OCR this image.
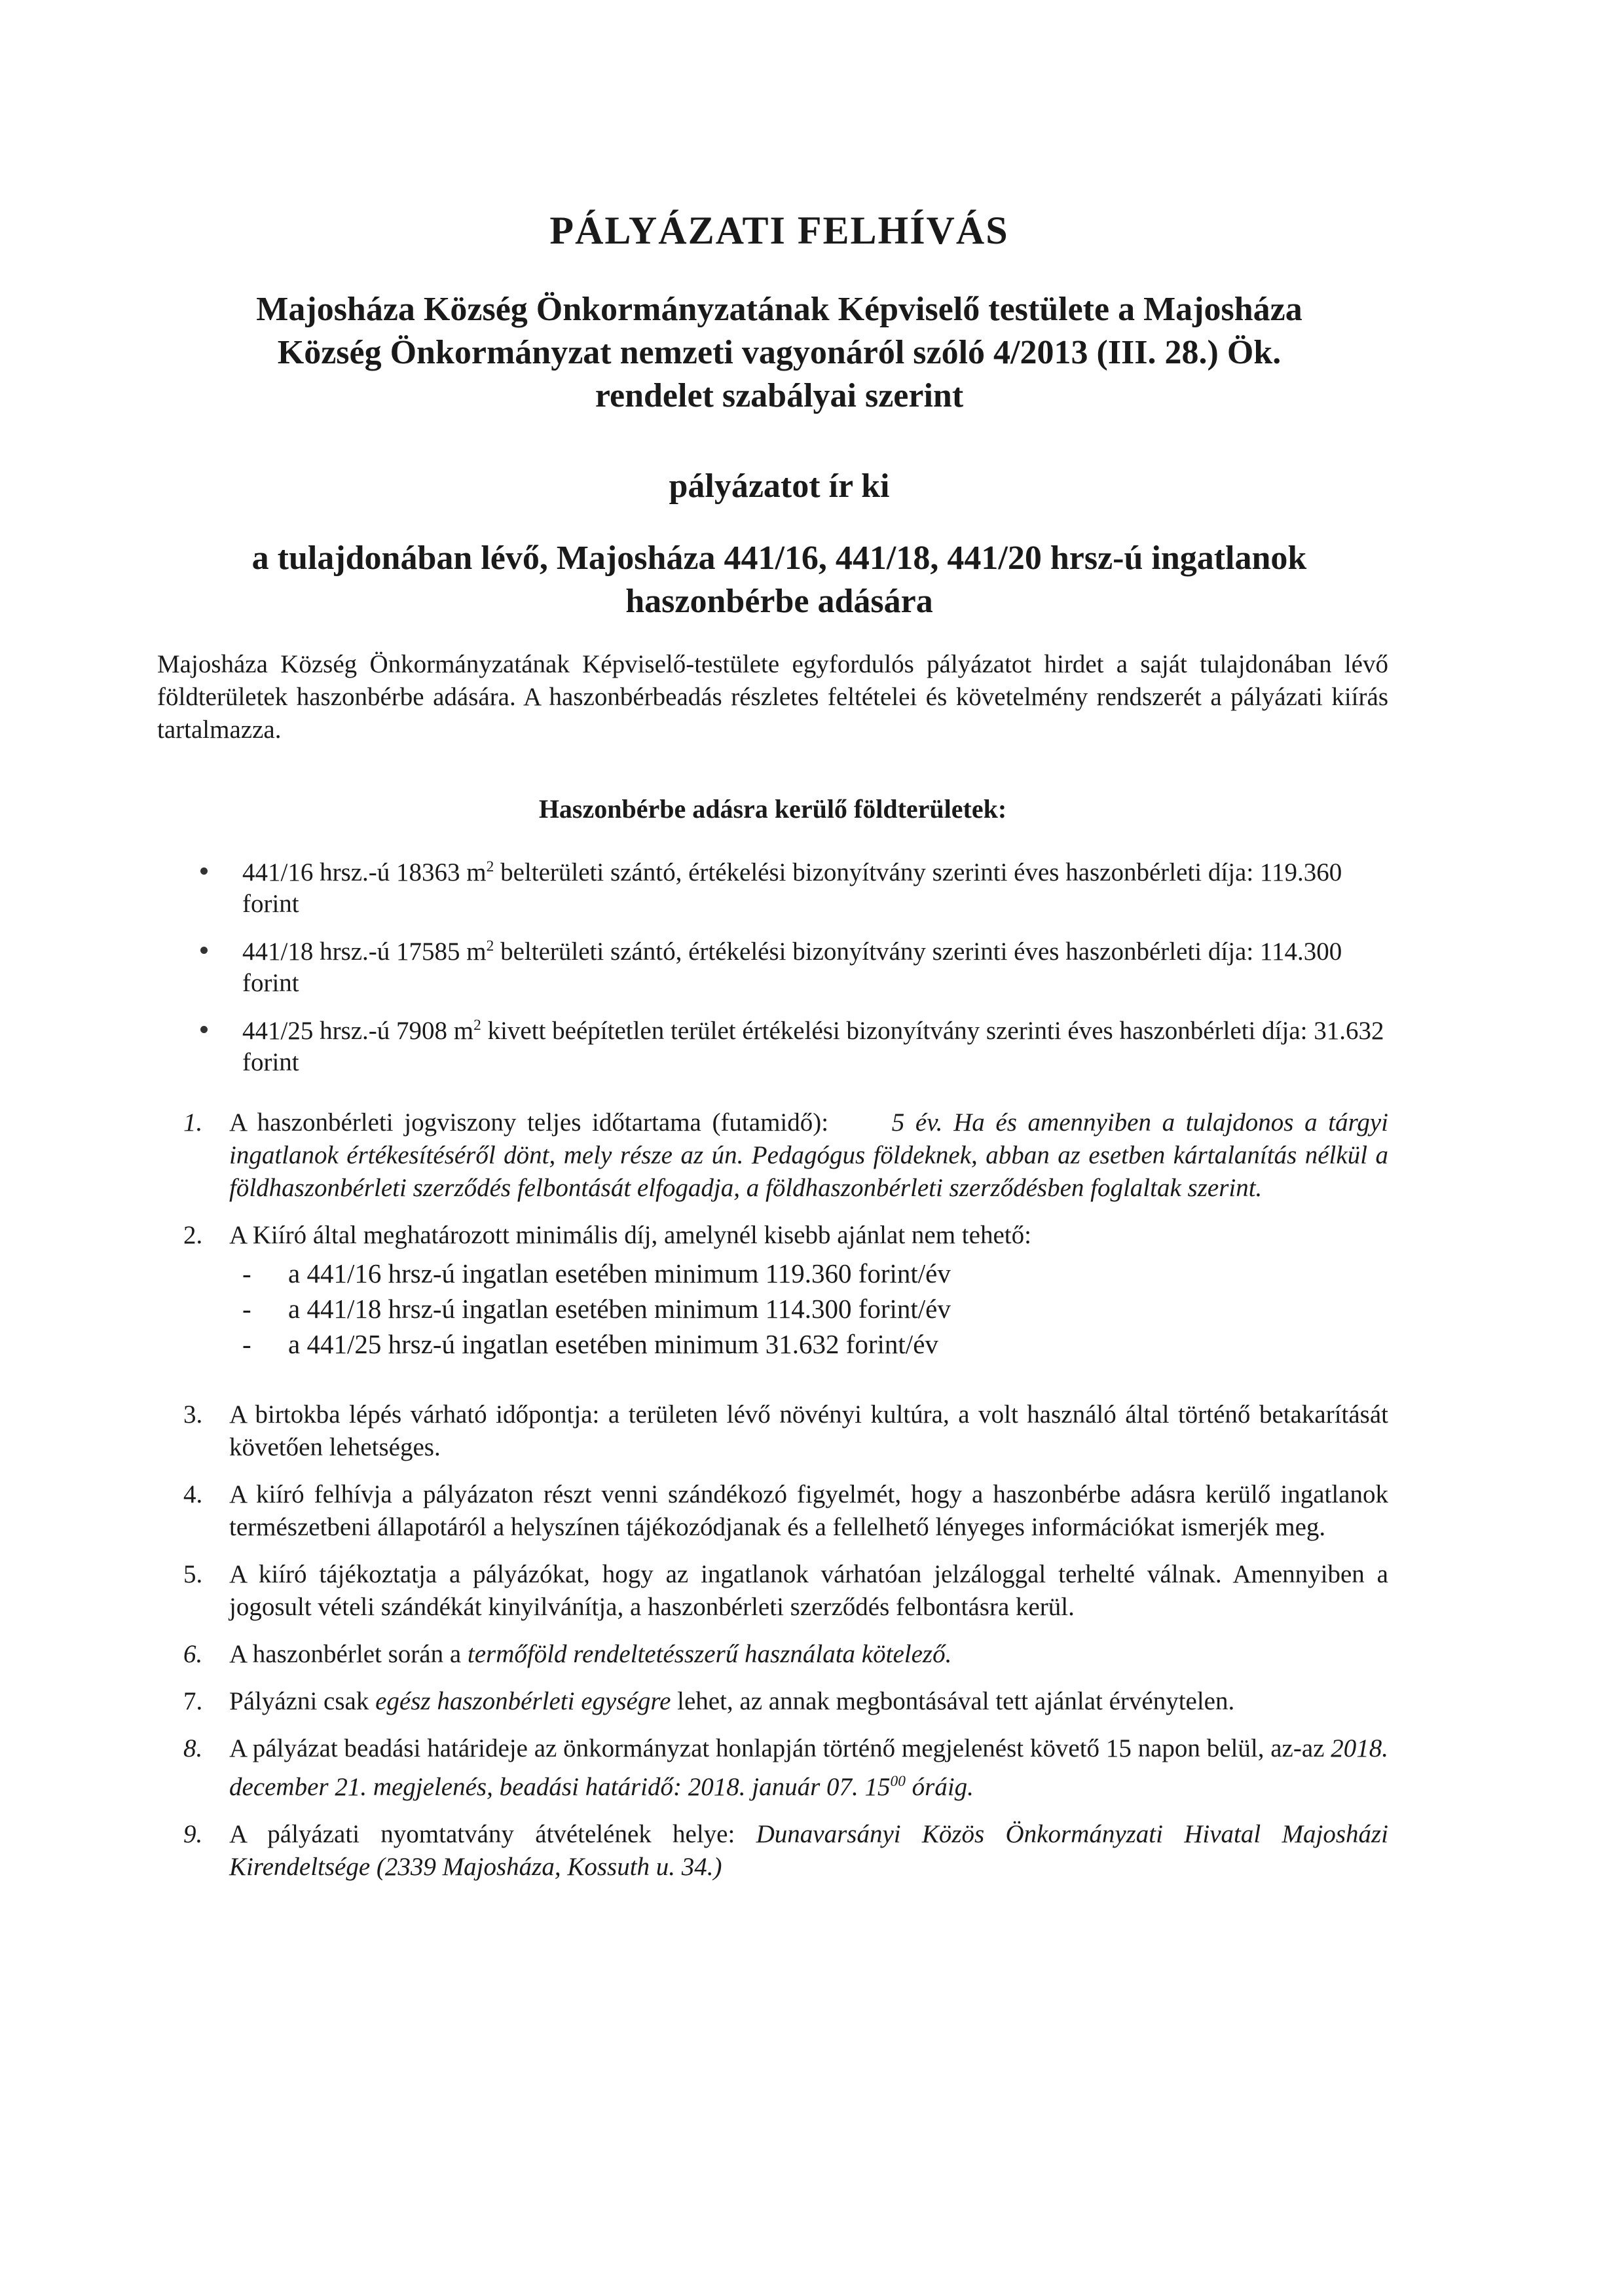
PÁLYÁZATI FELHÍVÁS
Majosháza Község Önkormányzatának Képviselő testülete a Majosháza
Község Önkormányzat nemzeti vagyonáról szóló 4/2013 (III. 28.) Ök.
rendelet szabályai szerint
pályázatot ír ki
a tulajdonában lévő, Majosháza 441/16, 441/18, 441/20 hrsz-ú ingatlanok
haszonbérbe adására
Majosháza Község Önkormányzatának Képviselő-testülete egyfordulós pályázatot hirdet a saját tulajdonában lévő földterületek haszonbérbe adására. A haszonbérbeadás részletes feltételei és követelmény rendszerét a pályázati kiírás tartalmazza.
Haszonbérbe adásra kerülő földterületek:
441/16 hrsz.-ú 18363 $m^2$ belterületi szántó, értékelési bizonyítvány szerinti éves haszonbérleti díja: 119.360 forint
441/18 hrsz.-ú 17585 $m^2$ belterületi szántó, értékelési bizonyítvány szerinti éves haszonbérleti díja: 114.300 forint
441/25 hrsz.-ú 7908 $m^2$ kivett beépítetlen terület értékelési bizonyítvány szerinti éves haszonbérleti díja: 31.632 forint
1.	A haszonbérleti jogviszony teljes időtartama (futamidő): 5 év. Ha és amennyiben a tulajdonos a tárgyi ingatlanok értékesítéséről dönt, mely része az ún. Pedagógus földeknek, abban az esetben kártalanítás nélkül a földhaszonbérleti szerződés felbontását elfogadja, a földhaszonbérleti szerződésben foglaltak szerint.
2.	A Kiíró által meghatározott minimális díj, amelynél kisebb ajánlat nem tehető:
-	a 441/16 hrsz-ú ingatlan esetében minimum 119.360 forint/év
-	a 441/18 hrsz-ú ingatlan esetében minimum 114.300 forint/év
-	a 441/25 hrsz-ú ingatlan esetében minimum 31.632 forint/év
3.	A birtokba lépés várható időpontja: a területen lévő növényi kultúra, a volt használó által történő betakarítását követően lehetséges.
4.	A kiíró felhívja a pályázaton részt venni szándékozó figyelmét, hogy a haszonbérbe adásra kerülő ingatlanok természetbeni állapotáról a helyszínen tájékozódjanak és a fellelhető lényeges információkat ismerjék meg.
5.	A kiíró tájékoztatja a pályázókat, hogy az ingatlanok várhatóan jelzáloggal terhelté válnak. Amennyiben a jogosult vételi szándékát kinyilvánítja, a haszonbérleti szerződés felbontásra kerül.
6.	A haszonbérlet során a termőföld rendeltetésszerű használata kötelező.
7.	Pályázni csak egész haszonbérleti egységre lehet, az annak megbontásával tett ajánlat érvénytelen.
8.	A pályázat beadási határideje az önkormányzat honlapján történő megjelenést követő 15 napon belül, az-az 2018. december 21. megjelenés, beadási határidő: 2018. január 07. $15^{00}$ óráig.
9.	A pályázati nyomtatvány átvételének helye: Dunavarsányi Közös Önkormányzati Hivatal Majosházi Kirendeltsége (2339 Majosháza, Kossuth u. 34.)
